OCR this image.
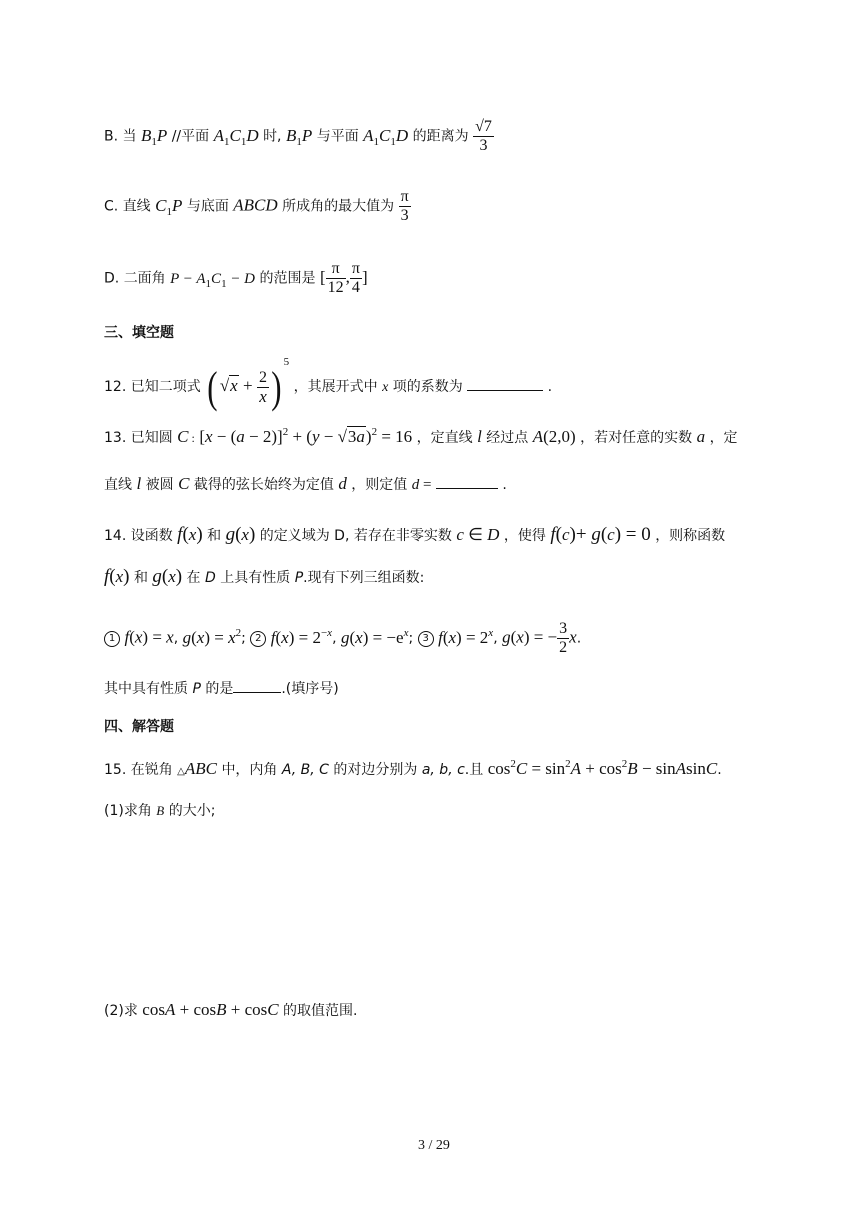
B. 当 $B_1P$ //平面 $A_1C_1D$ 时, $B_1P$ 与平面 $A_1C_1D$ 的距离为 $\frac{√7}{3}$
C. 直线 $C_1P$ 与底面 ABCD 所成角的最大值为 $\frac{\pi}{3}$
D. 二面角 $P - A_1C_1 - D$ 的范围是 [ $\frac{\pi}{12}$ , $\frac{\pi}{4}$ ]
三、填空题
12. 已知二项式 ( $√x + \frac{2}{x} )^5$ ，其展开式中 x 项的系数为	.
13. 已知圆 C : $[x - (a - 2)]^2 + (y - √3a)^2 = 16$ ，定直线 l 经过点 A(2,0) ，若对任意的实数 a ，定
直线 l 被圆 C 截得的弦长始终为定值 d ，则定值 d =	.
14. 设函数 f(x) 和 g(x) 的定义域为 D, 若存在非零实数 c ∈ D ，使得 f(c)+ g(c) = 0 ，则称函数
f(x) 和 g(x) 在 D 上具有性质 P.现有下列三组函数:
1 f(x) = x, $g(x) = x^2$; 2 $f(x) = 2^{-x}$, $g(x) = -e^x$; 3 $f(x) = 2^x$, g(x) = − $\frac{3}{2} x$.
其中具有性质 P 的是	.(填序号)
四、解答题
15. 在锐角 △ABC 中，内角 A, B, C 的对边分别为 a, b, c.且 $\cos^2C = \sin^2A + \cos^2B$ − sinAsinC.
(1)求角 B 的大小;
(2)求 cosA + cosB + cosC 的取值范围.
3 / 29
